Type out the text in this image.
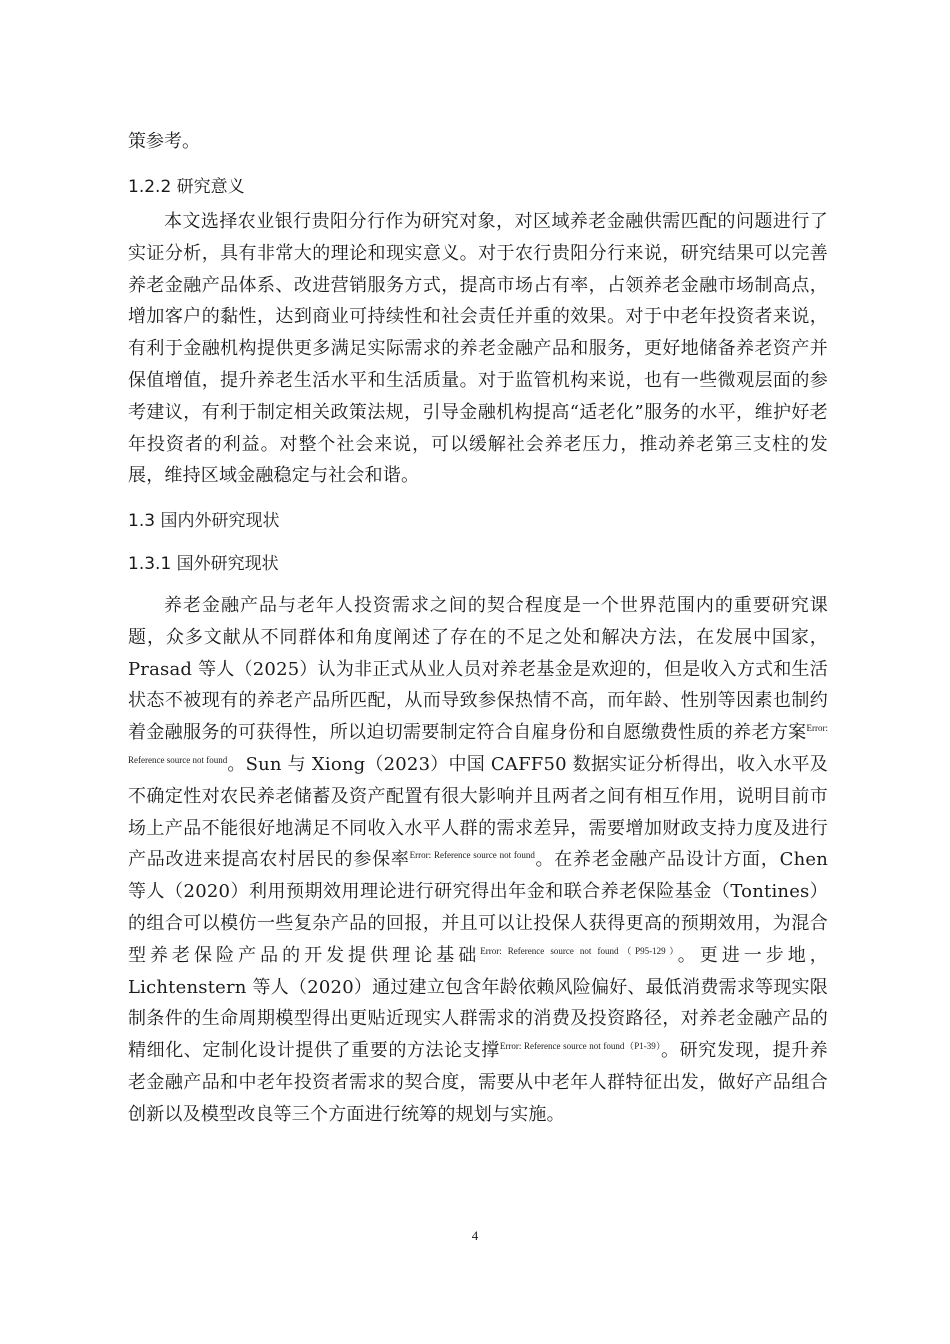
策参考。
1.2.2 研究意义
本文选择农业银行贵阳分行作为研究对象，对区域养老金融供需匹配的问题进行了实证分析，具有非常大的理论和现实意义。对于农行贵阳分行来说，研究结果可以完善养老金融产品体系、改进营销服务方式，提高市场占有率，占领养老金融市场制高点，增加客户的黏性，达到商业可持续性和社会责任并重的效果。对于中老年投资者来说，有利于金融机构提供更多满足实际需求的养老金融产品和服务，更好地储备养老资产并保值增值，提升养老生活水平和生活质量。对于监管机构来说，也有一些微观层面的参考建议，有利于制定相关政策法规，引导金融机构提高“适老化”服务的水平，维护好老年投资者的利益。对整个社会来说，可以缓解社会养老压力，推动养老第三支柱的发展，维持区域金融稳定与社会和谐。
1.3 国内外研究现状
1.3.1 国外研究现状
养老金融产品与老年人投资需求之间的契合程度是一个世界范围内的重要研究课题，众多文献从不同群体和角度阐述了存在的不足之处和解决方法，在发展中国家，Prasad 等人（2025）认为非正式从业人员对养老基金是欢迎的，但是收入方式和生活状态不被现有的养老产品所匹配，从而导致参保热情不高，而年龄、性别等因素也制约着金融服务的可获得性，所以迫切需要制定符合自雇身份和自愿缴费性质的养老方案$^{Error: Reference source not found}$。Sun 与 Xiong（2023）中国 CAFF50 数据实证分析得出，收入水平及不确定性对农民养老储蓄及资产配置有很大影响并且两者之间有相互作用，说明目前市场上产品不能很好地满足不同收入水平人群的需求差异，需要增加财政支持力度及进行产品改进来提高农村居民的参保率$^{Error: Reference source not found}$。在养老金融产品设计方面，Chen 等人（2020）利用预期效用理论进行研究得出年金和联合养老保险基金（Tontines）的组合可以模仿一些复杂产品的回报，并且可以让投保人获得更高的预期效用，为混合型养老保险产品的开发提供理论基础$^{Error: Reference source not found(P95-129)}$。更进一步地，Lichtenstern 等人（2020）通过建立包含年龄依赖风险偏好、最低消费需求等现实限制条件的生命周期模型得出更贴近现实人群需求的消费及投资路径，对养老金融产品的精细化、定制化设计提供了重要的方法论支撑$^{Error: Reference source not found(P1-39)}$。研究发现，提升养老金融产品和中老年投资者需求的契合度，需要从中老年人群特征出发，做好产品组合创新以及模型改良等三个方面进行统筹的规划与实施。
4
